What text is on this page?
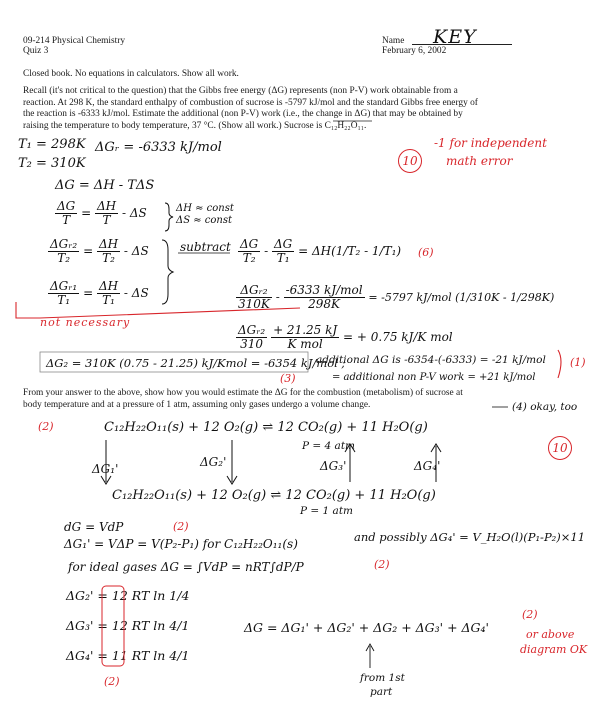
09-214 Physical Chemistry
Quiz 3
Name KEY
February 6, 2002
Closed book. No equations in calculators. Show all work.
Recall (it's not critical to the question) that the Gibbs free energy (ΔG) represents (non P-V) work obtainable from a
reaction. At 298 K, the standard enthalpy of combustion of sucrose is -5797 kJ/mol and the standard Gibbs free energy of
the reaction is -6333 kJ/mol. Estimate the additional (non P-V) work (i.e., the change in ΔG) that may be obtained by
raising the temperature to body temperature, 37 °C. (Show all work.) Sucrose is C₁₂H₂₂O₁₁.
T₁ = 298K
T₂ = 310K
ΔGᵣ = -6333 kJ/mol
10
-1 for independent
math error
ΔG = ΔH - TΔS
$\frac{\Delta G}{T} = \frac{\Delta H}{T} - \Delta S$	ΔH ≈ const
ΔS ≈ const
$\frac{\text{ΔGᵣ₂}}{\text{T₂}} = \frac{\Delta H}{\text{T₂}} - \Delta S$
$\frac{\text{ΔGᵣ₁}}{\text{T₁}} = \frac{\Delta H}{\text{T₁}} - \Delta S$
subtract $\frac{\Delta G}{\text{T₂}} - \frac{\Delta G}{\text{T₁}} = \Delta H(1/T_2 - 1/T_1)$ (6)
$\frac{\text{ΔGᵣ₂}}{310K} - \frac{\text{-6333 kJ/mol}}{298K} = -5797$ kJ/mol (1/310K - 1/298K)
$\frac{\text{ΔGᵣ₂}}{310}$
$\frac{+ 21.25 kJ}{\text{K mol}}$ = + 0.75 kJ/K mol
not necessary
ΔG₂ = 310K (0.75 - 21.25) kJ/Kmol = -6354 kJ/mol ;
(3)
additional ΔG is -6354-(-6333) = -21 kJ/mol
= additional non P-V work = +21 kJ/mol
(1)
From your answer to the above, show how you would estimate the ΔG for the combustion (metabolism) of sucrose at
body temperature and at a pressure of 1 atm, assuming only gases undergo a volume change.	(4) okay, too
(2)
10
C₁₂H₂₂O₁₁(s) + 12 O₂(g) ⇌ 12 CO₂(g) + 11 H₂O(g)
P = 4 atm
ΔG₁'	ΔG₂'	ΔG₃'	ΔG₄'
C₁₂H₂₂O₁₁(s) + 12 O₂(g) ⇌ 12 CO₂(g) + 11 H₂O(g)
P = 1 atm
dG = VdP	(2)
ΔG₁' = VΔP = V(P₂-P₁) for C₁₂H₂₂O₁₁(s)	and possibly ΔG₄' = V_H₂O(l)(P₁-P₂)×11
for ideal gases ΔG = ∫VdP = nRT∫dP/P	(2)
ΔG₂' = 12 RT ln 1/4
ΔG₃' = 12 RT ln 4/1
ΔG₄' = 11 RT ln 4/1
(2)
ΔG = ΔG₁' + ΔG₂' + ΔG₂ + ΔG₃' + ΔG₄'
(2)
or above
diagram OK
from 1st
part
